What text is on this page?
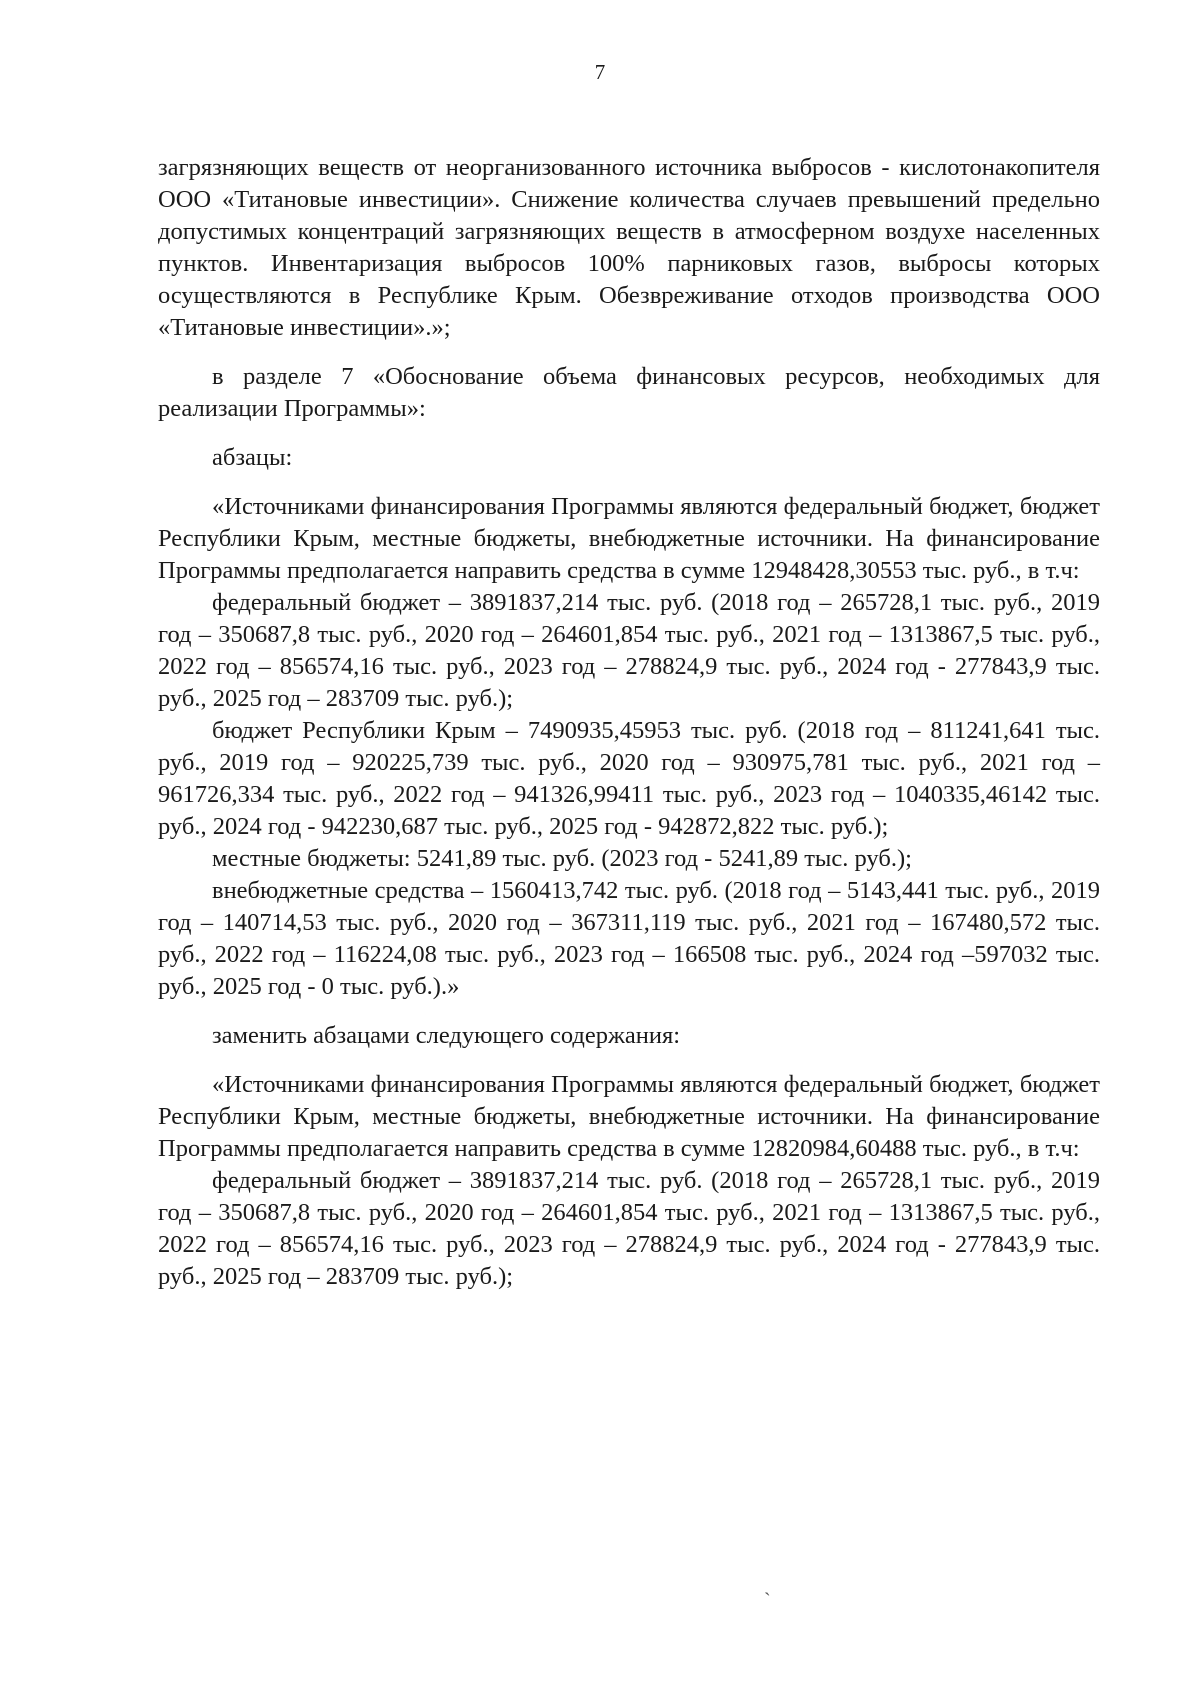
7

загрязняющих веществ от неорганизованного источника выбросов - кислотонакопителя ООО «Титановые инвестиции». Снижение количества случаев превышений предельно допустимых концентраций загрязняющих веществ в атмосферном воздухе населенных пунктов. Инвентаризация выбросов 100% парниковых газов, выбросы которых осуществляются в Республике Крым. Обезвреживание отходов производства ООО «Титановые инвестиции».»;

в разделе 7 «Обоснование объема финансовых ресурсов, необходимых для реализации Программы»:

абзацы:

«Источниками финансирования Программы являются федеральный бюджет, бюджет Республики Крым, местные бюджеты, внебюджетные источники. На финансирование Программы предполагается направить средства в сумме 12948428,30553 тыс. руб., в т.ч:

федеральный бюджет – 3891837,214 тыс. руб. (2018 год – 265728,1 тыс. руб., 2019 год – 350687,8 тыс. руб., 2020 год – 264601,854 тыс. руб., 2021 год – 1313867,5 тыс. руб., 2022 год – 856574,16 тыс. руб., 2023 год – 278824,9 тыс. руб., 2024 год - 277843,9 тыс. руб., 2025 год – 283709 тыс. руб.);

бюджет Республики Крым – 7490935,45953 тыс. руб. (2018 год – 811241,641 тыс. руб., 2019 год – 920225,739 тыс. руб., 2020 год – 930975,781 тыс. руб., 2021 год – 961726,334 тыс. руб., 2022 год – 941326,99411 тыс. руб., 2023 год – 1040335,46142 тыс. руб., 2024 год - 942230,687 тыс. руб., 2025 год - 942872,822 тыс. руб.);

местные бюджеты: 5241,89 тыс. руб. (2023 год - 5241,89 тыс. руб.);

внебюджетные средства – 1560413,742 тыс. руб. (2018 год – 5143,441 тыс. руб., 2019 год – 140714,53 тыс. руб., 2020 год – 367311,119 тыс. руб., 2021 год – 167480,572 тыс. руб., 2022 год – 116224,08 тыс. руб., 2023 год – 166508 тыс. руб., 2024 год –597032 тыс. руб., 2025 год - 0 тыс. руб.).»

заменить абзацами следующего содержания:

«Источниками финансирования Программы являются федеральный бюджет, бюджет Республики Крым, местные бюджеты, внебюджетные источники. На финансирование Программы предполагается направить средства в сумме 12820984,60488 тыс. руб., в т.ч:

федеральный бюджет – 3891837,214 тыс. руб. (2018 год – 265728,1 тыс. руб., 2019 год – 350687,8 тыс. руб., 2020 год – 264601,854 тыс. руб., 2021 год – 1313867,5 тыс. руб., 2022 год – 856574,16 тыс. руб., 2023 год – 278824,9 тыс. руб., 2024 год - 277843,9 тыс. руб., 2025 год – 283709 тыс. руб.);

ˎ
